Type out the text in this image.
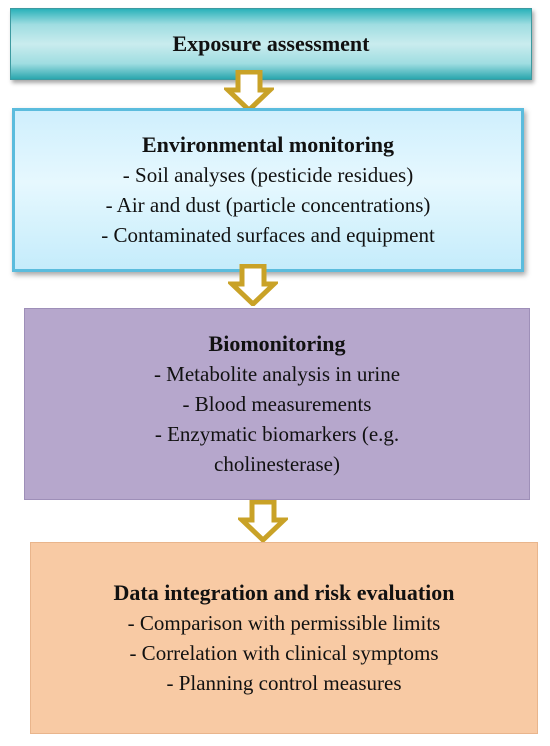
Exposure assessment
Environmental monitoring
- Soil analyses (pesticide residues)
- Air and dust (particle concentrations)
- Contaminated surfaces and equipment
Biomonitoring
- Metabolite analysis in urine
- Blood measurements
- Enzymatic biomarkers (e.g.
cholinesterase)
Data integration and risk evaluation
- Comparison with permissible limits
- Correlation with clinical symptoms
- Planning control measures
